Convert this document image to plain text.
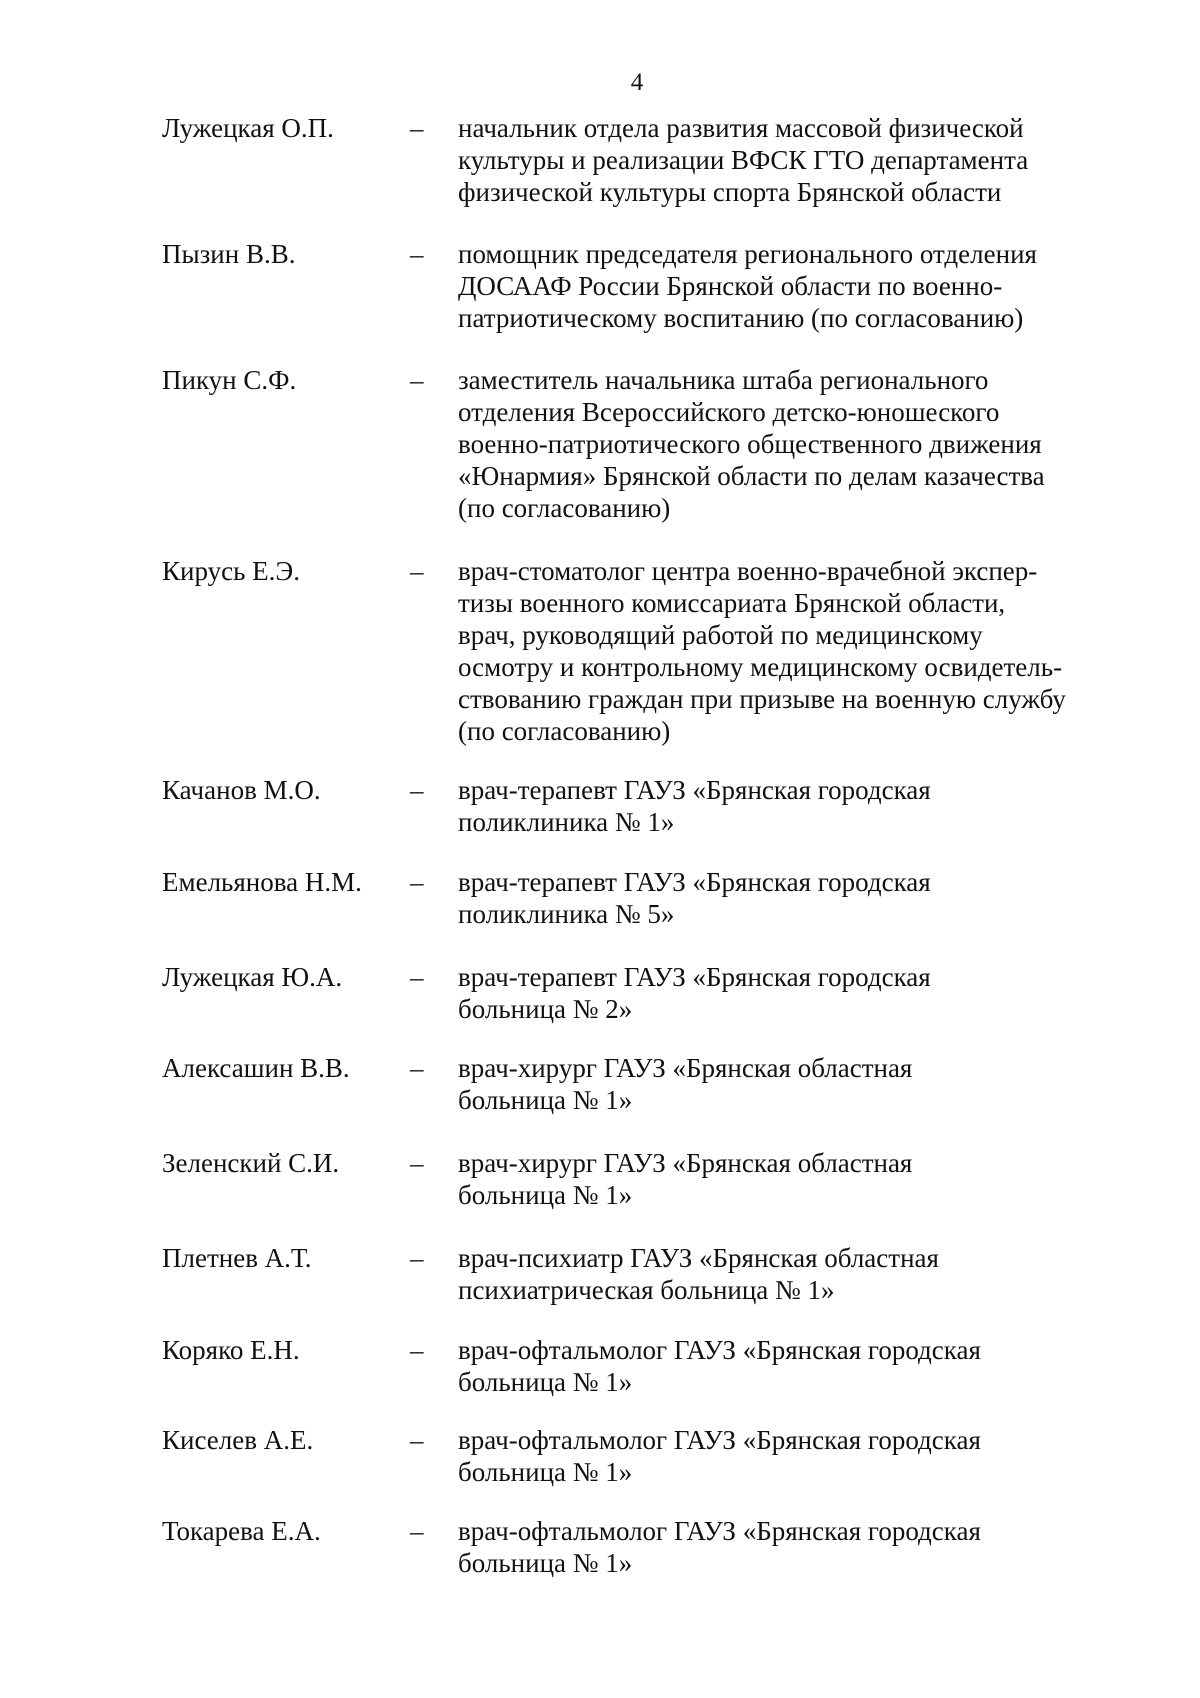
4
Лужецкая О.П.	– начальник отдела развития массовой физической
культуры и реализации ВФСК ГТО департамента
физической культуры спорта Брянской области
Пызин В.В.	– помощник председателя регионального отделения
ДОСААФ России Брянской области по военно-
патриотическому воспитанию (по согласованию)
Пикун С.Ф.	– заместитель начальника штаба регионального
отделения Всероссийского детско-юношеского
военно-патриотического общественного движения
«Юнармия» Брянской области по делам казачества
(по согласованию)
Кирусь Е.Э.	– врач-стоматолог центра военно-врачебной экспер-
тизы военного комиссариата Брянской области,
врач, руководящий работой по медицинскому
осмотру и контрольному медицинскому освидетель-
ствованию граждан при призыве на военную службу
(по согласованию)
Качанов М.О.	– врач-терапевт ГАУЗ «Брянская городская
поликлиника № 1»
Емельянова Н.М. – врач-терапевт ГАУЗ «Брянская городская
поликлиника № 5»
Лужецкая Ю.А.	– врач-терапевт ГАУЗ «Брянская городская
больница № 2»
Алексашин В.В. – врач-хирург ГАУЗ «Брянская областная
больница № 1»
Зеленский С.И.	– врач-хирург ГАУЗ «Брянская областная
больница № 1»
Плетнев А.Т.	– врач-психиатр ГАУЗ «Брянская областная
психиатрическая больница № 1»
Коряко Е.Н.	– врач-офтальмолог ГАУЗ «Брянская городская
больница № 1»
Киселев А.Е.	– врач-офтальмолог ГАУЗ «Брянская городская
больница № 1»
Токарева Е.А.	– врач-офтальмолог ГАУЗ «Брянская городская
больница № 1»
